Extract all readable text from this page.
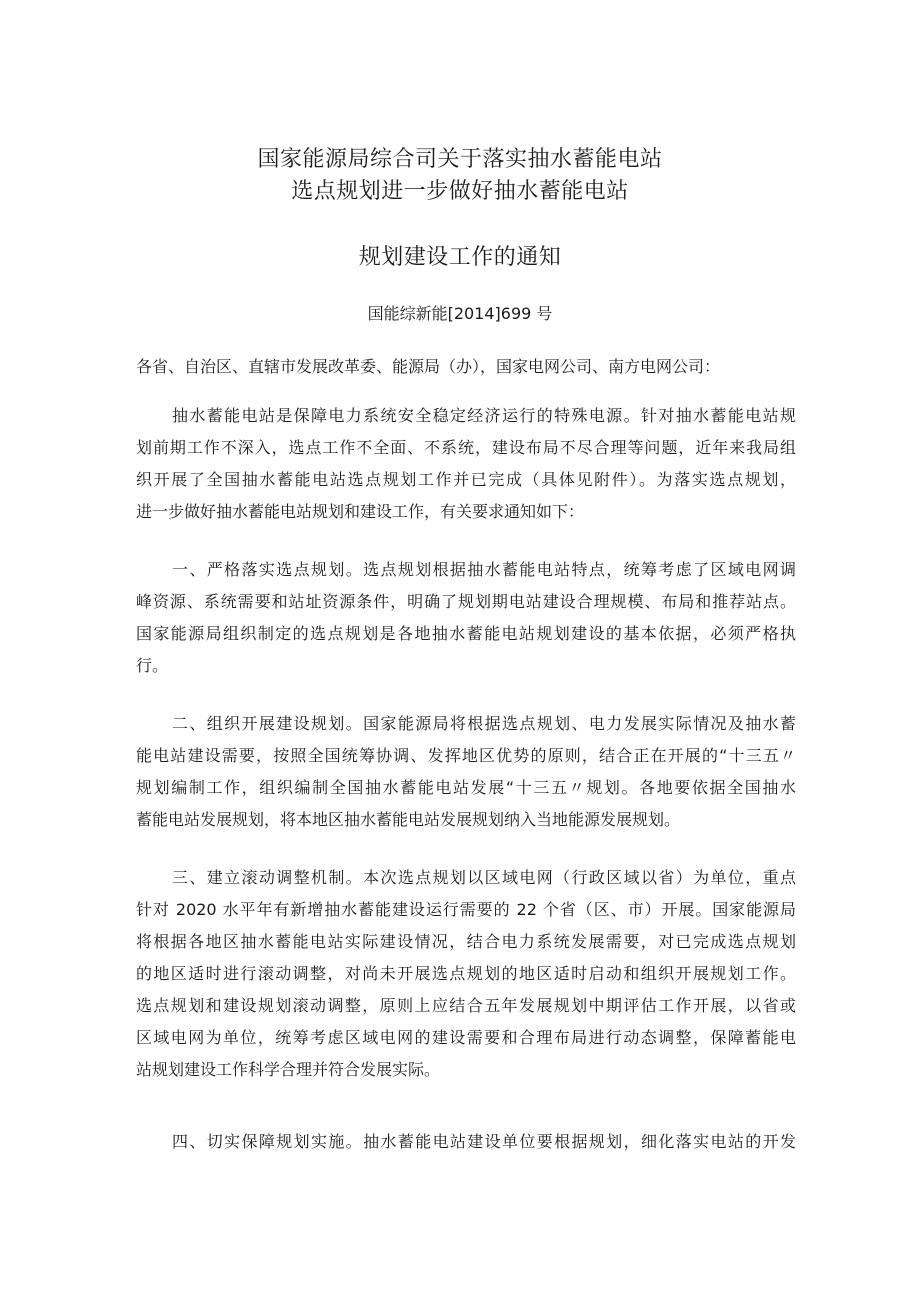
国家能源局综合司关于落实抽水蓄能电站
选点规划进一步做好抽水蓄能电站
规划建设工作的通知
国能综新能[2014]699 号
各省、自治区、直辖市发展改革委、能源局（办），国家电网公司、南方电网公司：
抽水蓄能电站是保障电力系统安全稳定经济运行的特殊电源。针对抽水蓄能电站规
划前期工作不深入，选点工作不全面、不系统，建设布局不尽合理等问题，近年来我局组
织开展了全国抽水蓄能电站选点规划工作并已完成（具体见附件）。为落实选点规划，
进一步做好抽水蓄能电站规划和建设工作，有关要求通知如下：
一、严格落实选点规划。选点规划根据抽水蓄能电站特点，统筹考虑了区域电网调
峰资源、系统需要和站址资源条件，明确了规划期电站建设合理规模、布局和推荐站点。
国家能源局组织制定的选点规划是各地抽水蓄能电站规划建设的基本依据，必须严格执
行。
二、组织开展建设规划。国家能源局将根据选点规划、电力发展实际情况及抽水蓄
能电站建设需要，按照全国统筹协调、发挥地区优势的原则，结合正在开展的“十三五〃
规划编制工作，组织编制全国抽水蓄能电站发展“十三五〃规划。各地要依据全国抽水
蓄能电站发展规划，将本地区抽水蓄能电站发展规划纳入当地能源发展规划。
三、建立滚动调整机制。本次选点规划以区域电网（行政区域以省）为单位，重点
针对 2020 水平年有新增抽水蓄能建设运行需要的 22 个省（区、市）开展。国家能源局
将根据各地区抽水蓄能电站实际建设情况，结合电力系统发展需要，对已完成选点规划
的地区适时进行滚动调整，对尚未开展选点规划的地区适时启动和组织开展规划工作。
选点规划和建设规划滚动调整，原则上应结合五年发展规划中期评估工作开展，以省或
区域电网为单位，统筹考虑区域电网的建设需要和合理布局进行动态调整，保障蓄能电
站规划建设工作科学合理并符合发展实际。
四、切实保障规划实施。抽水蓄能电站建设单位要根据规划，细化落实电站的开发
